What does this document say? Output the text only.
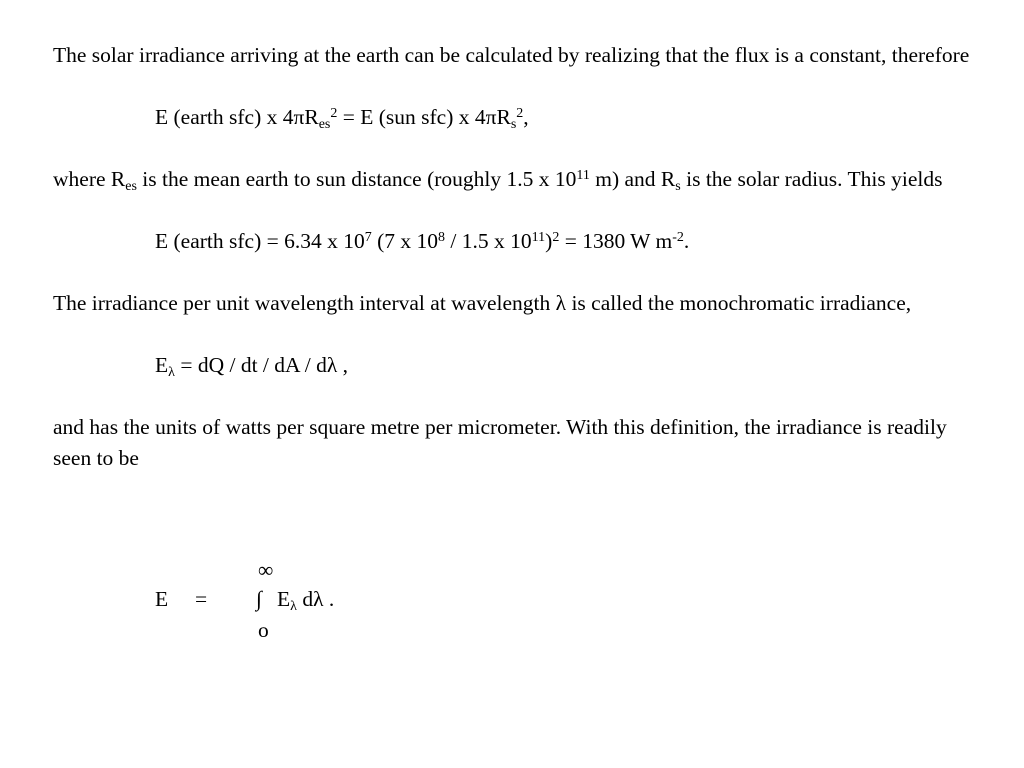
The solar irradiance arriving at the earth can be calculated by realizing that the flux is a constant, therefore

E (earth sfc) x $4\pi R_{es}^2 = E$ (sun sfc) x $4\pi R_s^2$,

where $R_{es}$ is the mean earth to sun distance (roughly 1.5 x $10^{11}$ m) and $R_s$ is the solar radius. This yields

E (earth sfc) = 6.34 x $10^7$ (7 x $10^8 / 1.5$ x $10^{11})^2 = 1380$ W $m^{-2}$.

The irradiance per unit wavelength interval at wavelength λ is called the monochromatic irradiance,

$E_\lambda$ = dQ / dt / dA / dλ ,

and has the units of watts per square metre per micrometer. With this definition, the irradiance is readily seen to be

E =
∞
∫ $E_\lambda$ dλ .
o
